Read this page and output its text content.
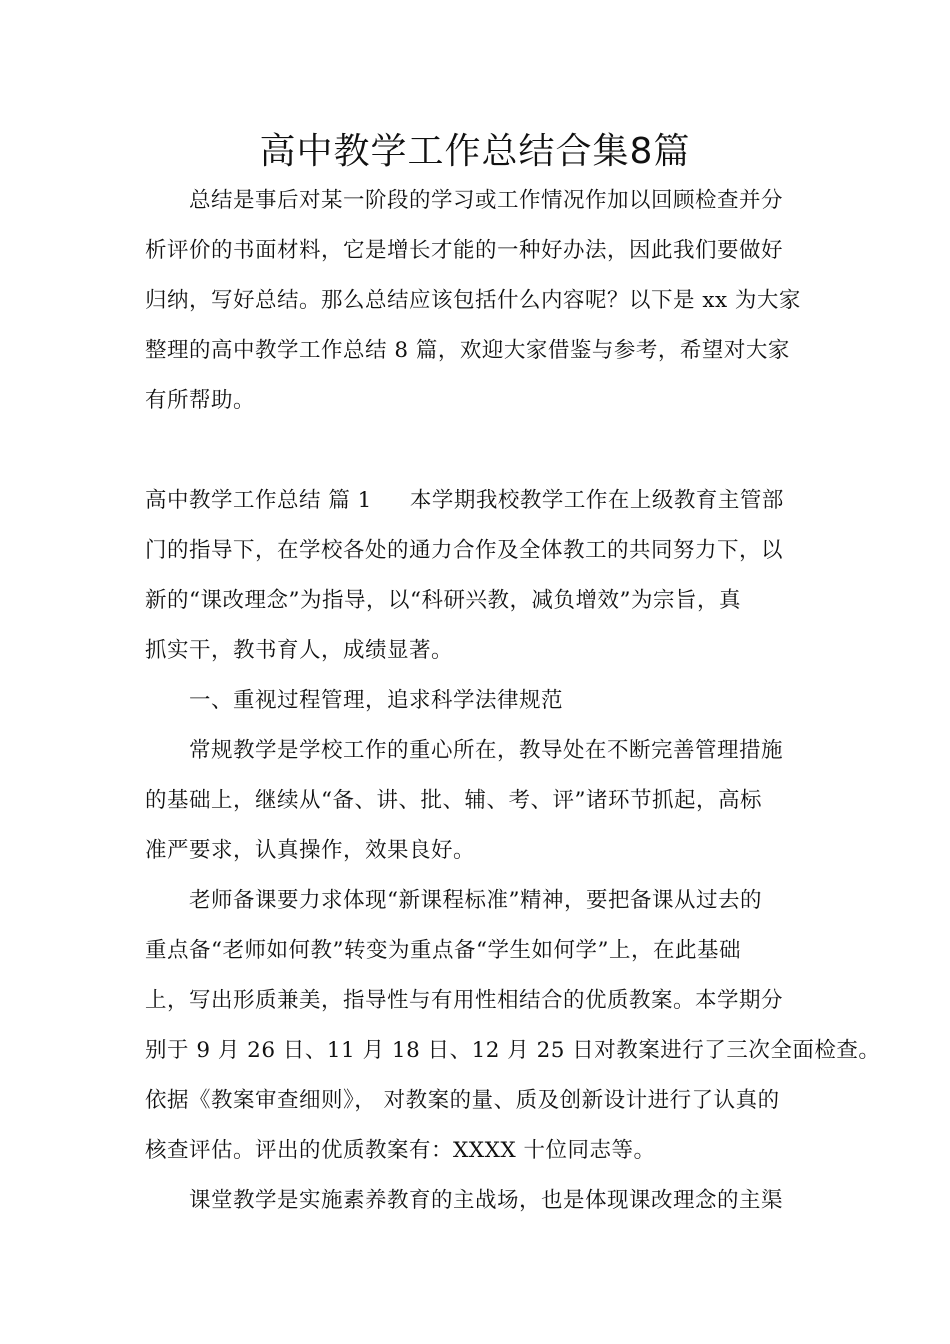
高中教学工作总结合集8篇
总结是事后对某一阶段的学习或工作情况作加以回顾检查并分
析评价的书面材料，它是增长才能的一种好办法，因此我们要做好
归纳，写好总结。那么总结应该包括什么内容呢？以下是 xx 为大家
整理的高中教学工作总结 8 篇，欢迎大家借鉴与参考，希望对大家
有所帮助。
高中教学工作总结 篇 1 本学期我校教学工作在上级教育主管部
门的指导下，在学校各处的通力合作及全体教工的共同努力下，以
新的“课改理念”为指导，以“科研兴教，减负增效”为宗旨，真
抓实干，教书育人，成绩显著。
一、重视过程管理，追求科学法律规范
常规教学是学校工作的重心所在，教导处在不断完善管理措施
的基础上，继续从“备、讲、批、辅、考、评”诸环节抓起，高标
准严要求，认真操作，效果良好。
老师备课要力求体现“新课程标准”精神，要把备课从过去的
重点备“老师如何教”转变为重点备“学生如何学”上，在此基础
上，写出形质兼美，指导性与有用性相结合的优质教案。本学期分
别于 9 月 26 日、11 月 18 日、12 月 25 日对教案进行了三次全面检查。
依据《教案审查细则》， 对教案的量、质及创新设计进行了认真的
核查评估。评出的优质教案有：XXXX 十位同志等。
课堂教学是实施素养教育的主战场，也是体现课改理念的主渠
